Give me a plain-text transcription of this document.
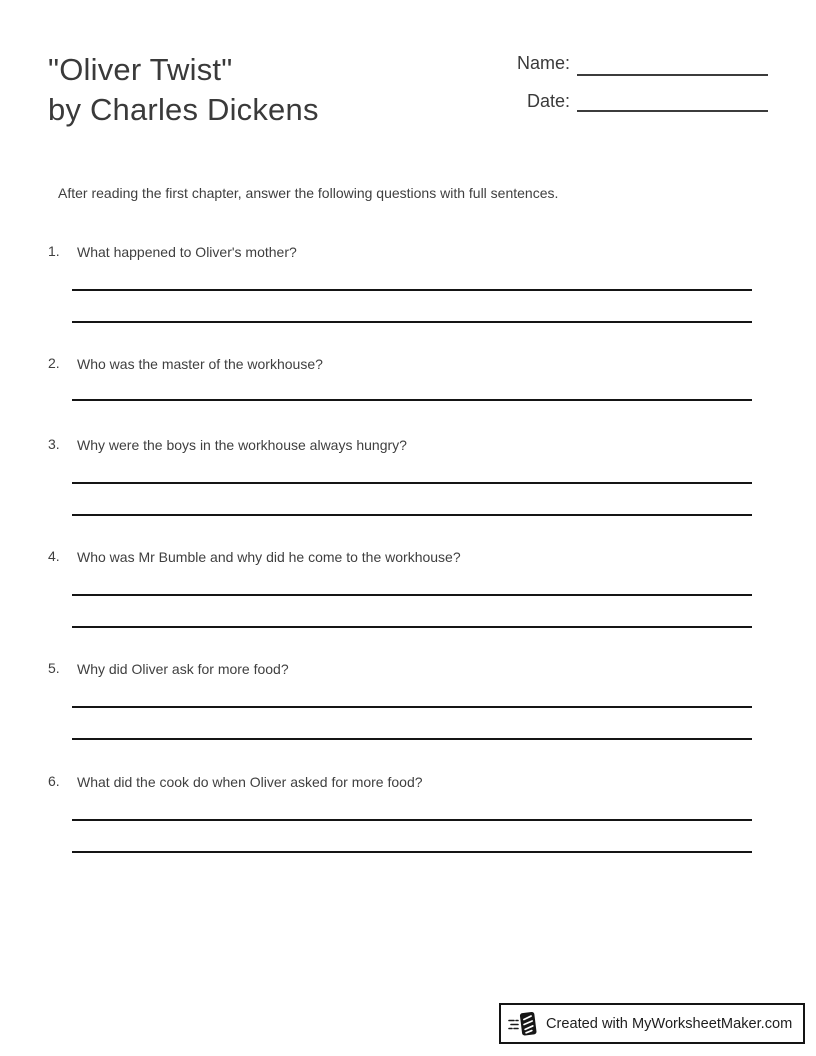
"Oliver Twist"
by Charles Dickens
Name:
Date:
After reading the first chapter, answer the following questions with full sentences.
1. What happened to Oliver's mother?
2. Who was the master of the workhouse?
3. Why were the boys in the workhouse always hungry?
4. Who was Mr Bumble and why did he come to the workhouse?
5. Why did Oliver ask for more food?
6. What did the cook do when Oliver asked for more food?
Created with MyWorksheetMaker.com
